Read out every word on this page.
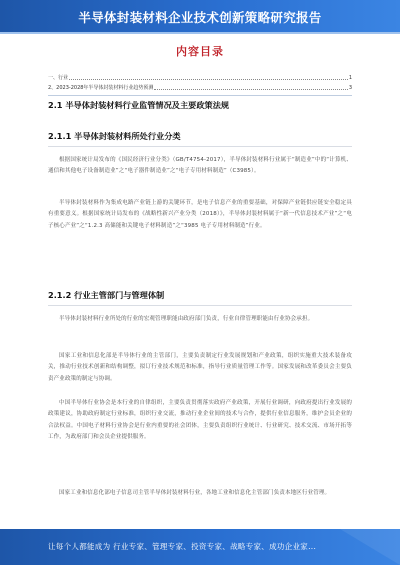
半导体封装材料企业技术创新策略研究报告
内容目录
一、行业	1
2、2023-2028年半导体封装材料行业趋势预测	3
2.1 半导体封装材料行业监管情况及主要政策法规
2.1.1 半导体封装材料所处行业分类
根据国家统计局发布的《国民经济行业分类》（GB/T4754-2017），半导体封装材料行业属于“制造业”中的“计算机、通信和其他电子设备制造业”之“电子器件制造业”之“电子专用材料制造”（C3985）。
半导体封装材料作为集成电路产业链上游的关键环节，是电子信息产业的重要基础，对保障产业链供应链安全稳定具有重要意义。根据国家统计局发布的《战略性新兴产业分类（2018）》，半导体封装材料属于“新一代信息技术产业”之“电子核心产业”之“1.2.3 高储能和关键电子材料制造”之“3985 电子专用材料制造”行业。
2.1.2 行业主管部门与管理体制
半导体封装材料行业所处的行业的宏观管理职能由政府部门负责，行业自律管理职能由行业协会承担。
国家工业和信息化部是半导体行业的主管部门，主要负责制定行业发展规划和产业政策，组织实施重大技术装备攻关，推动行业技术创新和结构调整，拟订行业技术规范和标准，指导行业质量管理工作等。国家发展和改革委员会主要负责产业政策的制定与协调。
中国半导体行业协会是本行业的自律组织，主要负责贯彻落实政府产业政策，开展行业调研，向政府提出行业发展的政策建议，协助政府制定行业标准，组织行业交流，推动行业企业间的技术与合作，提供行业信息服务，维护会员企业的合法权益。中国电子材料行业协会是行业内重要的社会团体，主要负责组织行业统计、行业研究、技术交流、市场开拓等工作，为政府部门和会员企业提供服务。
国家工业和信息化部电子信息司主管半导体封装材料行业，各地工业和信息化主管部门负责本地区行业管理。
让每个人都能成为 行业专家、管理专家、投资专家、战略专家、成功企业家...
